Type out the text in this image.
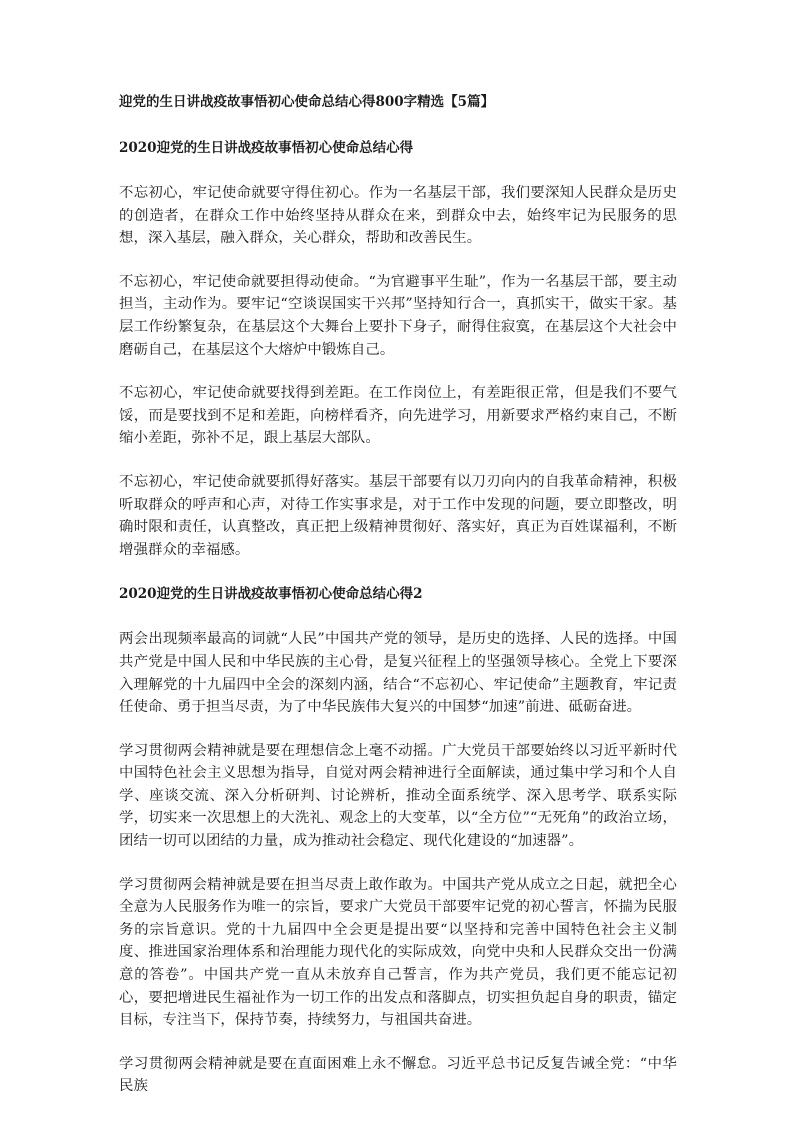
迎党的生日讲战疫故事悟初心使命总结心得800字精选【5篇】
2020迎党的生日讲战疫故事悟初心使命总结心得

不忘初心，牢记使命就要守得住初心。作为一名基层干部，我们要深知人民群众是历史的创造者，在群众工作中始终坚持从群众在来，到群众中去，始终牢记为民服务的思想，深入基层，融入群众，关心群众，帮助和改善民生。

不忘初心，牢记使命就要担得动使命。“为官避事平生耻”，作为一名基层干部，要主动担当，主动作为。要牢记“空谈误国实干兴邦”坚持知行合一，真抓实干，做实干家。基层工作纷繁复杂，在基层这个大舞台上要扑下身子，耐得住寂寞，在基层这个大社会中磨砺自己，在基层这个大熔炉中锻炼自己。

不忘初心，牢记使命就要找得到差距。在工作岗位上，有差距很正常，但是我们不要气馁，而是要找到不足和差距，向榜样看齐，向先进学习，用新要求严格约束自己，不断缩小差距，弥补不足，跟上基层大部队。

不忘初心，牢记使命就要抓得好落实。基层干部要有以刀刃向内的自我革命精神，积极听取群众的呼声和心声，对待工作实事求是，对于工作中发现的问题，要立即整改，明确时限和责任，认真整改，真正把上级精神贯彻好、落实好，真正为百姓谋福利，不断增强群众的幸福感。

2020迎党的生日讲战疫故事悟初心使命总结心得2

两会出现频率最高的词就“人民”中国共产党的领导，是历史的选择、人民的选择。中国共产党是中国人民和中华民族的主心骨，是复兴征程上的坚强领导核心。全党上下要深入理解党的十九届四中全会的深刻内涵，结合“不忘初心、牢记使命”主题教育，牢记责任使命、勇于担当尽责，为了中华民族伟大复兴的中国梦“加速”前进、砥砺奋进。

学习贯彻两会精神就是要在理想信念上毫不动摇。广大党员干部要始终以习近平新时代中国特色社会主义思想为指导，自觉对两会精神进行全面解读，通过集中学习和个人自学、座谈交流、深入分析研判、讨论辨析，推动全面系统学、深入思考学、联系实际学，切实来一次思想上的大洗礼、观念上的大变革，以“全方位”“无死角”的政治立场，团结一切可以团结的力量，成为推动社会稳定、现代化建设的“加速器”。

学习贯彻两会精神就是要在担当尽责上敢作敢为。中国共产党从成立之日起，就把全心全意为人民服务作为唯一的宗旨，要求广大党员干部要牢记党的初心誓言，怀揣为民服务的宗旨意识。党的十九届四中全会更是提出要“以坚持和完善中国特色社会主义制度、推进国家治理体系和治理能力现代化的实际成效，向党中央和人民群众交出一份满意的答卷”。中国共产党一直从未放弃自己誓言，作为共产党员，我们更不能忘记初心，要把增进民生福祉作为一切工作的出发点和落脚点，切实担负起自身的职责，锚定目标，专注当下，保持节奏，持续努力，与祖国共奋进。

学习贯彻两会精神就是要在直面困难上永不懈怠。习近平总书记反复告诫全党：“中华民族
